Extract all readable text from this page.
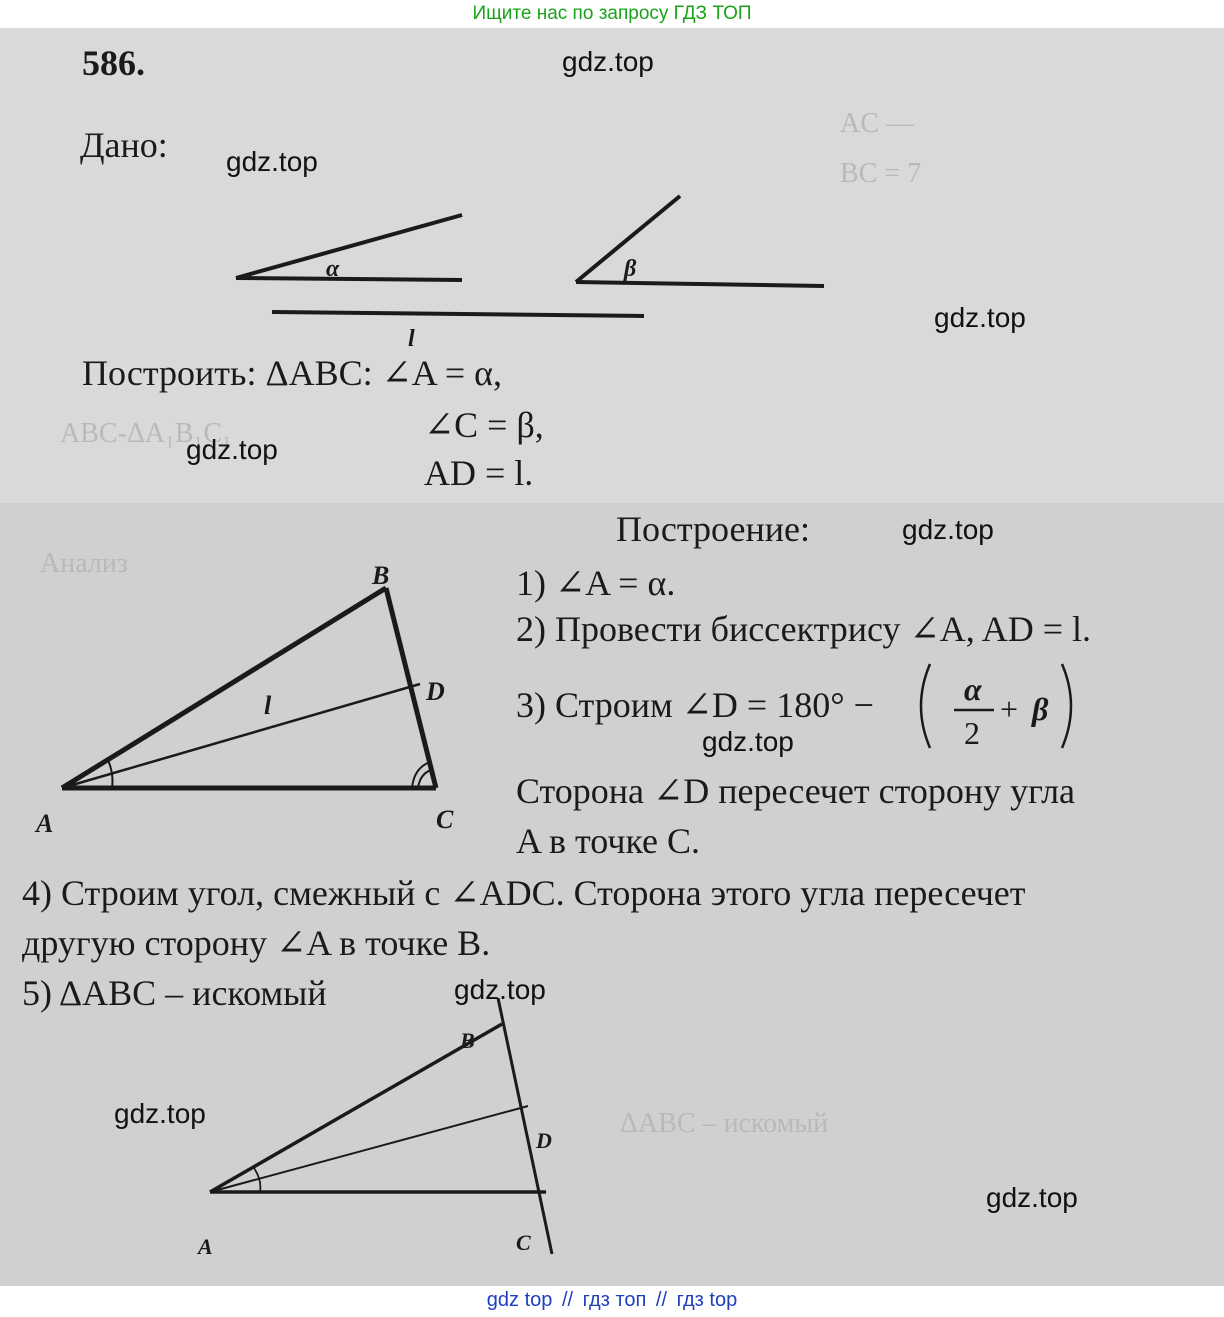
Ищите нас по запросу ГДЗ ТОП
AC ―
BC = 7
ABC‑ΔA₁B₁C₁
Анализ
ΔABC – искомый
586.
Дано:
α	β
l
Построить: ΔABC: ∠A = α,
∠C = β,
AD = l.
A
B
C
D
l
Построение:
1) ∠A = α.
2) Провести биссектрису ∠A, AD = l.
3) Строим ∠D = 180° −	α
2
+ β
Сторона ∠D пересечет сторону угла
A в точке C.
4) Строим угол, смежный с ∠ADC. Сторона этого угла пересечет
другую сторону ∠A в точке B.
5) ΔABC – искомый
A
B
C
D
gdz.top
gdz.top
gdz.top
gdz.top
gdz.top
gdz.top
gdz.top
gdz.top
gdz.top
gdz top // гдз топ // гдз top
